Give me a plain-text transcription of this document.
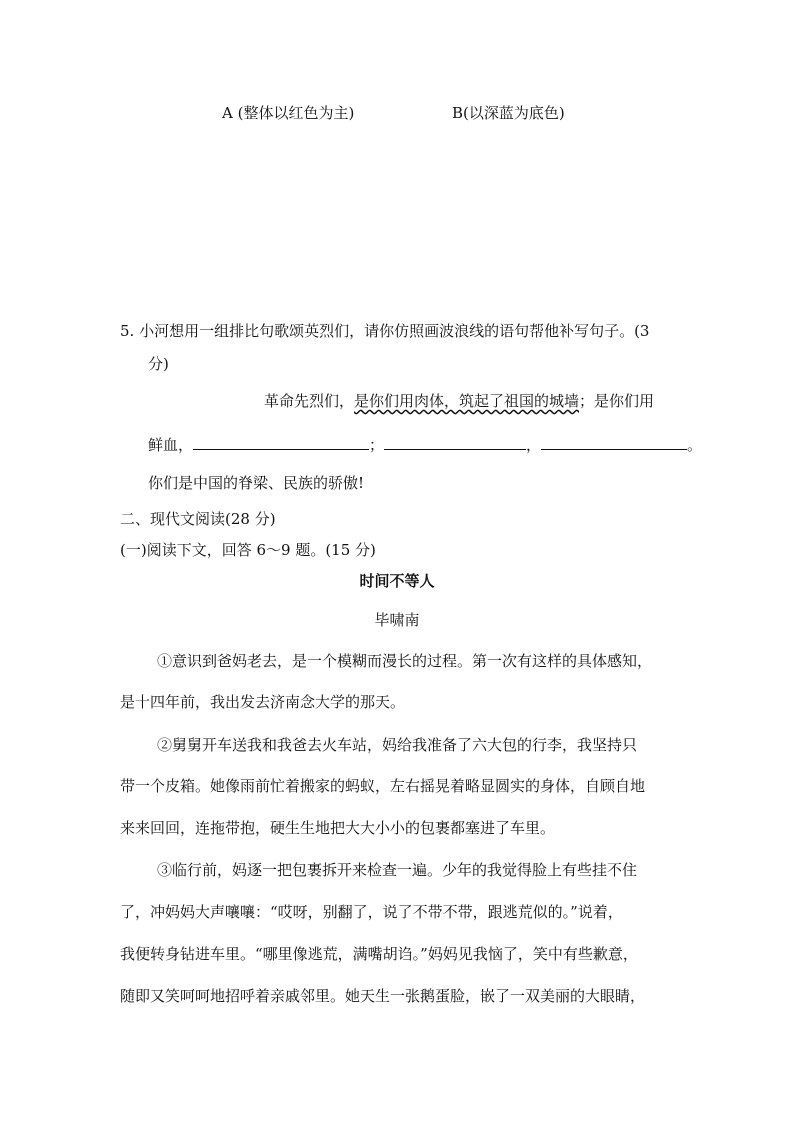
A (整体以红色为主)	B(以深蓝为底色)
5. 小河想用一组排比句歌颂英烈们，请你仿照画波浪线的语句帮他补写句子。(3
分)
革命先烈们，是你们用肉体，筑起了祖国的城墙；是你们用
鲜血，	；	，	。
你们是中国的脊梁、民族的骄傲!
二、现代文阅读(28 分)
(一)阅读下文，回答 6～9 题。(15 分)
时间不等人
毕啸南
①意识到爸妈老去，是一个模糊而漫长的过程。第一次有这样的具体感知，
是十四年前，我出发去济南念大学的那天。
②舅舅开车送我和我爸去火车站，妈给我准备了六大包的行李，我坚持只
带一个皮箱。她像雨前忙着搬家的蚂蚁，左右摇晃着略显圆实的身体，自顾自地
来来回回，连拖带抱，硬生生地把大大小小的包裹都塞进了车里。
③临行前，妈逐一把包裹拆开来检查一遍。少年的我觉得脸上有些挂不住
了，冲妈妈大声嚷嚷：“哎呀，别翻了，说了不带不带，跟逃荒似的。”说着，
我便转身钻进车里。“哪里像逃荒，满嘴胡诌。”妈妈见我恼了，笑中有些歉意，
随即又笑呵呵地招呼着亲戚邻里。她天生一张鹅蛋脸，嵌了一双美丽的大眼睛，
